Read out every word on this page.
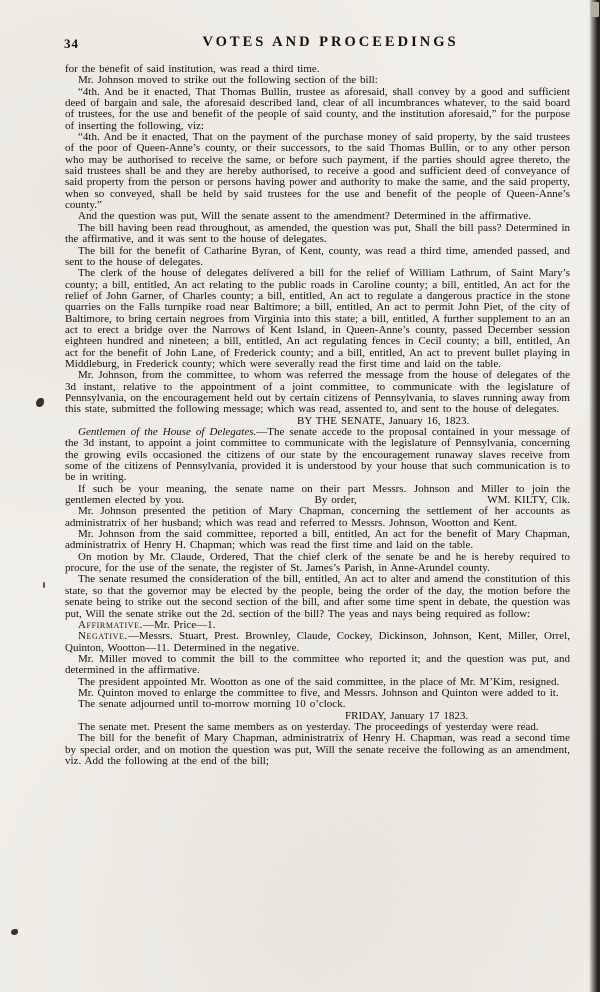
34	VOTES AND PROCEEDINGS

for the benefit of said institution, was read a third time.

Mr. Johnson moved to strike out the following section of the bill:

“4th. And be it enacted, That Thomas Bullin, trustee as aforesaid, shall convey by a good and sufficient deed of bargain and sale, the aforesaid described land, clear of all incumbrances whatever, to the said board of trustees, for the use and benefit of the people of said county, and the institution aforesaid,” for the purpose of inserting the following, viz:

“4th. And be it enacted, That on the payment of the purchase money of said property, by the said trustees of the poor of Queen-Anne’s county, or their successors, to the said Thomas Bullin, or to any other person who may be authorised to receive the same, or before such payment, if the parties should agree thereto, the said trustees shall be and they are hereby authorised, to receive a good and sufficient deed of conveyance of said property from the person or persons having power and authority to make the same, and the said property, when so conveyed, shall be held by said trustees for the use and benefit of the people of Queen-Anne’s county.”

And the question was put, Will the senate assent to the amendment? Determined in the affirmative.

The bill having been read throughout, as amended, the question was put, Shall the bill pass? Determined in the affirmative, and it was sent to the house of delegates.

The bill for the benefit of Catharine Byran, of Kent, county, was read a third time, amended passed, and sent to the house of delegates.

The clerk of the house of delegates delivered a bill for the relief of William Lathrum, of Saint Mary’s county; a bill, entitled, An act relating to the public roads in Caroline county; a bill, entitled, An act for the relief of John Garner, of Charles county; a bill, entitled, An act to regulate a dangerous practice in the stone quarries on the Falls turnpike road near Baltimore; a bill, entitled, An act to permit John Piet, of the city of Baltimore, to bring certain negroes from Virginia into this state; a bill, entitled, A further supplement to an an act to erect a bridge over the Narrows of Kent Island, in Queen-Anne’s county, passed December session eighteen hundred and nineteen; a bill, entitled, An act regulating fences in Cecil county; a bill, entitled, An act for the benefit of John Lane, of Frederick county; and a bill, entitled, An act to prevent bullet playing in Middleburg, in Frederick county; which were severally read the first time and laid on the table.

Mr. Johnson, from the committee, to whom was referred the message from the house of delegates of the 3d instant, relative to the appointment of a joint committee, to communicate with the legislature of Pennsylvania, on the encouragement held out by certain citizens of Pennsylvania, to slaves running away from this state, submitted the following message; which was read, assented to, and sent to the house of delegates.

BY THE SENATE, January 16, 1823.

Gentlemen of the House of Delegates.—The senate accede to the proposal contained in your message of the 3d instant, to appoint a joint committee to communicate with the legislature of Pennsylvania, concerning the growing evils occasioned the citizens of our state by the encouragement runaway slaves receive from some of the citizens of Pennsylvania, provided it is understood by your house that such communication is to be in writing.

If such be your meaning, the senate name on their part Messrs. Johnson and Miller to join the

gentlemen elected by you.	By order,	WM. KILTY, Clk.

Mr. Johnson presented the petition of Mary Chapman, concerning the settlement of her accounts as administratrix of her husband; which was read and referred to Messrs. Johnson, Wootton and Kent.

Mr. Johnson from the said committee, reported a bill, entitled, An act for the benefit of Mary Chapman, administratrix of Henry H. Chapman; which was read the first time and laid on the table.

On motion by Mr. Claude, Ordered, That the chief clerk of the senate be and he is hereby required to procure, for the use of the senate, the register of St. James’s Parish, in Anne-Arundel county.

The senate resumed the consideration of the bill, entitled, An act to alter and amend the constitution of this state, so that the governor may be elected by the people, being the order of the day, the motion before the senate being to strike out the second section of the bill, and after some time spent in debate, the question was put, Will the senate strike out the 2d. section of the bill? The yeas and nays being required as follow:

Affirmative.—Mr. Price—1.

Negative.—Messrs. Stuart, Prest. Brownley, Claude, Cockey, Dickinson, Johnson, Kent, Miller, Orrel, Quinton, Wootton—11. Determined in the negative.

Mr. Miller moved to commit the bill to the committee who reported it; and the question was put, and determined in the affirmative.

The president appointed Mr. Wootton as one of the said committee, in the place of Mr. M’Kim, resigned.

Mr. Quinton moved to enlarge the committee to five, and Messrs. Johnson and Quinton were added to it.

The senate adjourned until to-morrow morning 10 o’clock.

FRIDAY, January 17 1823.

The senate met. Present the same members as on yesterday. The proceedings of yesterday were read.

The bill for the benefit of Mary Chapman, administratrix of Henry H. Chapman, was read a second time by special order, and on motion the question was put, Will the senate receive the following as an amendment, viz. Add the following at the end of the bill;
